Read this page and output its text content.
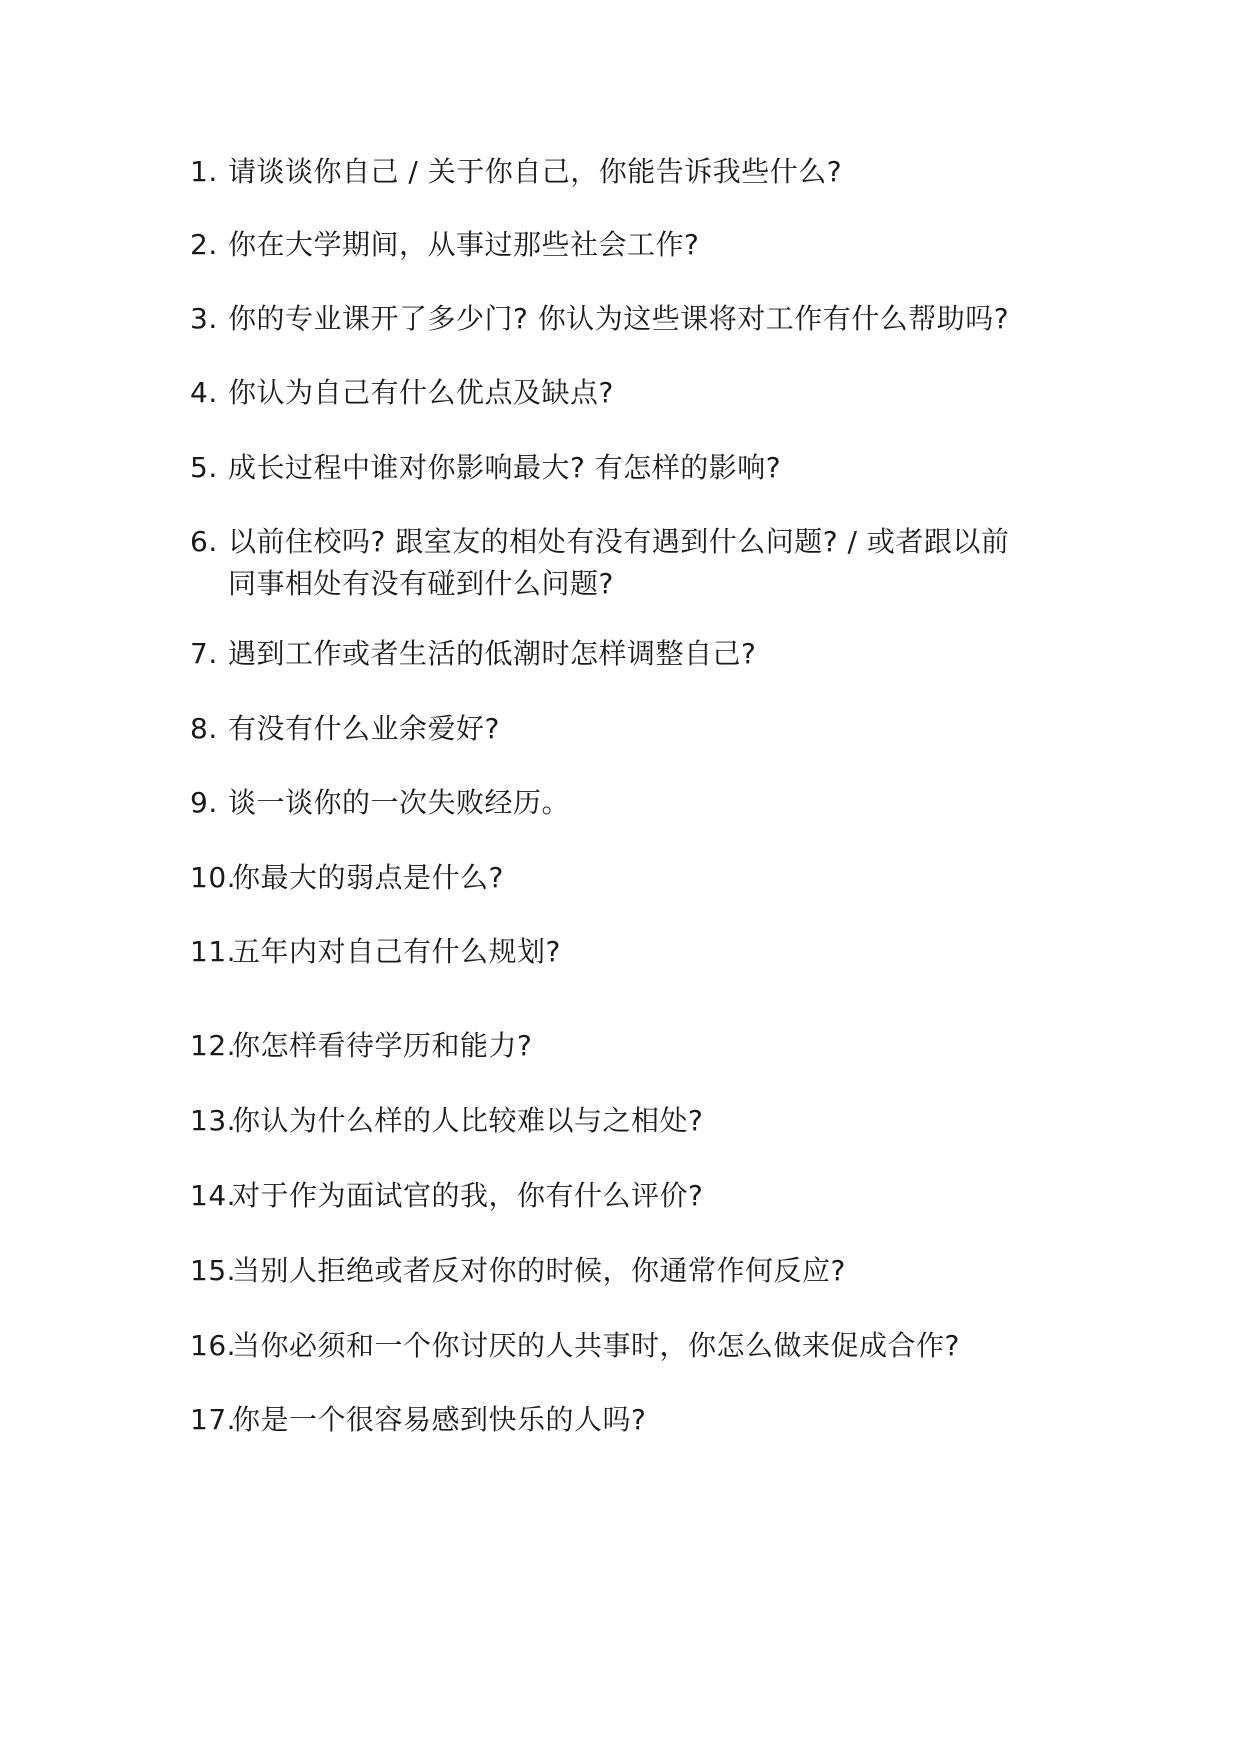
1. 请谈谈你自己 / 关于你自己，你能告诉我些什么?
2. 你在大学期间，从事过那些社会工作?
3. 你的专业课开了多少门? 你认为这些课将对工作有什么帮助吗?
4. 你认为自己有什么优点及缺点?
5. 成长过程中谁对你影响最大? 有怎样的影响?
6. 以前住校吗? 跟室友的相处有没有遇到什么问题? / 或者跟以前
同事相处有没有碰到什么问题?
7. 遇到工作或者生活的低潮时怎样调整自己?
8. 有没有什么业余爱好?
9. 谈一谈你的一次失败经历。
10.你最大的弱点是什么?
11.五年内对自己有什么规划?
12.你怎样看待学历和能力?
13.你认为什么样的人比较难以与之相处?
14.对于作为面试官的我，你有什么评价?
15.当别人拒绝或者反对你的时候，你通常作何反应?
16.当你必须和一个你讨厌的人共事时，你怎么做来促成合作?
17.你是一个很容易感到快乐的人吗?
